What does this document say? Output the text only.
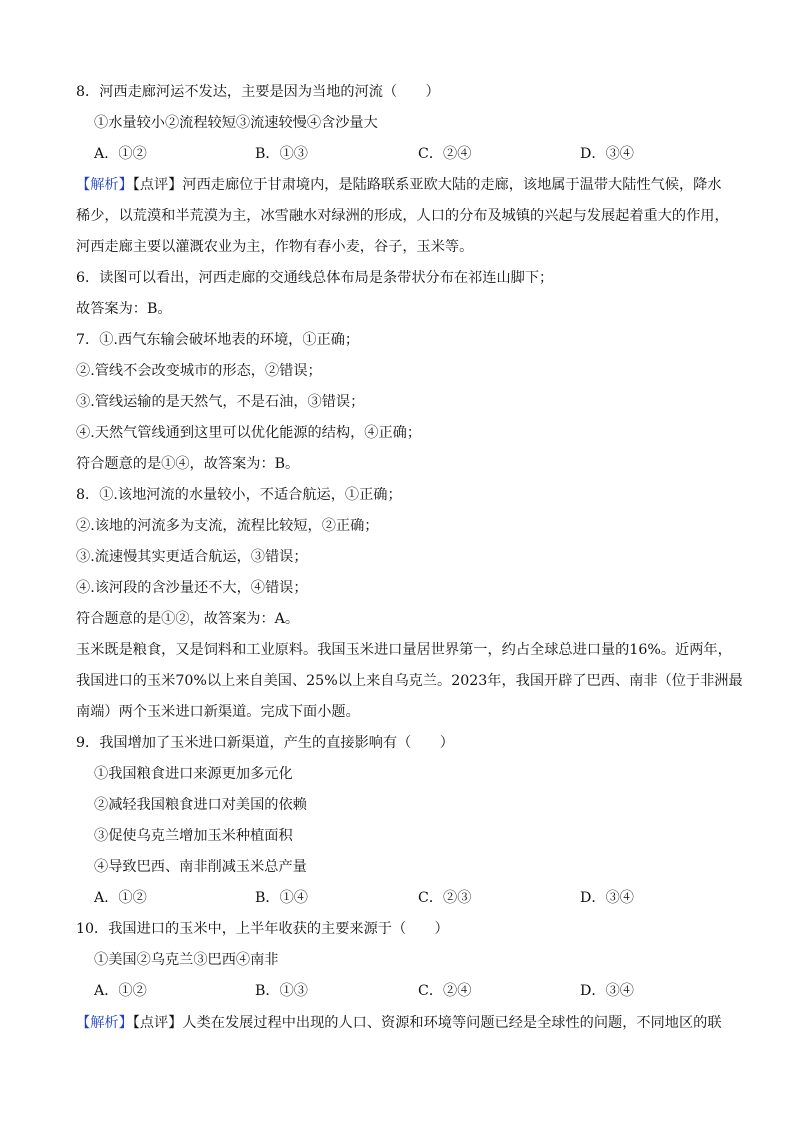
8．河西走廊河运不发达，主要是因为当地的河流（　　）
①水量较小②流程较短③流速较慢④含沙量大
A．①②	B．①③	C．②④	D．③④
【解析】【点评】河西走廊位于甘肃境内，是陆路联系亚欧大陆的走廊，该地属于温带大陆性气候，降水
稀少，以荒漠和半荒漠为主，冰雪融水对绿洲的形成，人口的分布及城镇的兴起与发展起着重大的作用，
河西走廊主要以灌溉农业为主，作物有春小麦，谷子，玉米等。
6．读图可以看出，河西走廊的交通线总体布局是条带状分布在祁连山脚下；
故答案为：B。
7．①.西气东输会破坏地表的环境，①正确；
②.管线不会改变城市的形态，②错误；
③.管线运输的是天然气，不是石油，③错误；
④.天然气管线通到这里可以优化能源的结构，④正确；
符合题意的是①④，故答案为：B。
8．①.该地河流的水量较小，不适合航运，①正确；
②.该地的河流多为支流，流程比较短，②正确；
③.流速慢其实更适合航运，③错误；
④.该河段的含沙量还不大，④错误；
符合题意的是①②，故答案为：A。
玉米既是粮食，又是饲料和工业原料。我国玉米进口量居世界第一，约占全球总进口量的16%。近两年，
我国进口的玉米70%以上来自美国、25%以上来自乌克兰。2023年，我国开辟了巴西、南非（位于非洲最
南端）两个玉米进口新渠道。完成下面小题。
9．我国增加了玉米进口新渠道，产生的直接影响有（　　）
①我国粮食进口来源更加多元化
②减轻我国粮食进口对美国的依赖
③促使乌克兰增加玉米种植面积
④导致巴西、南非削减玉米总产量
A．①②	B．①④	C．②③	D．③④
10．我国进口的玉米中，上半年收获的主要来源于（　　）
①美国②乌克兰③巴西④南非
A．①②	B．①③	C．②④	D．③④
【解析】【点评】人类在发展过程中出现的人口、资源和环境等问题已经是全球性的问题，不同地区的联
